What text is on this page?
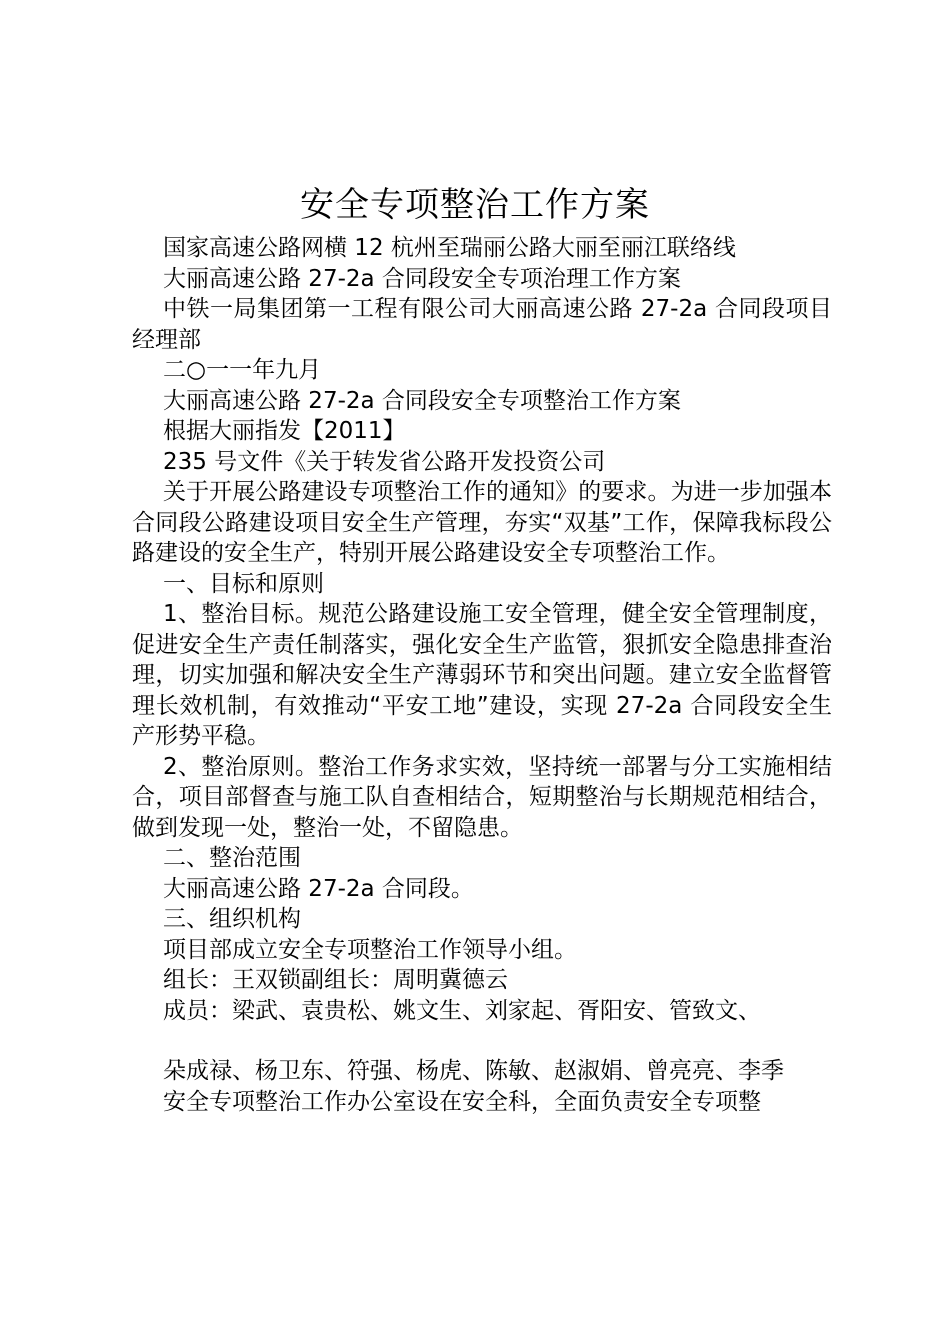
安全专项整治工作方案

国家高速公路网横 12 杭州至瑞丽公路大丽至丽江联络线

大丽高速公路 27-2a 合同段安全专项治理工作方案

中铁一局集团第一工程有限公司大丽高速公路 27-2a 合同段项目经理部

二○一一年九月

大丽高速公路 27-2a 合同段安全专项整治工作方案

根据大丽指发【2011】

235 号文件《关于转发省公路开发投资公司

关于开展公路建设专项整治工作的通知》的要求。为进一步加强本合同段公路建设项目安全生产管理，夯实“双基”工作，保障我标段公路建设的安全生产，特别开展公路建设安全专项整治工作。

一、目标和原则

1、整治目标。规范公路建设施工安全管理，健全安全管理制度，促进安全生产责任制落实，强化安全生产监管，狠抓安全隐患排查治理，切实加强和解决安全生产薄弱环节和突出问题。建立安全监督管理长效机制，有效推动“平安工地”建设，实现 27-2a 合同段安全生产形势平稳。

2、整治原则。整治工作务求实效，坚持统一部署与分工实施相结合，项目部督查与施工队自查相结合，短期整治与长期规范相结合，做到发现一处，整治一处，不留隐患。

二、整治范围

大丽高速公路 27-2a 合同段。

三、组织机构

项目部成立安全专项整治工作领导小组。

组长：王双锁副组长：周明冀德云

成员：梁武、袁贵松、姚文生、刘家起、胥阳安、管致文、

朵成禄、杨卫东、符强、杨虎、陈敏、赵淑娟、曾亮亮、李季

安全专项整治工作办公室设在安全科，全面负责安全专项整
